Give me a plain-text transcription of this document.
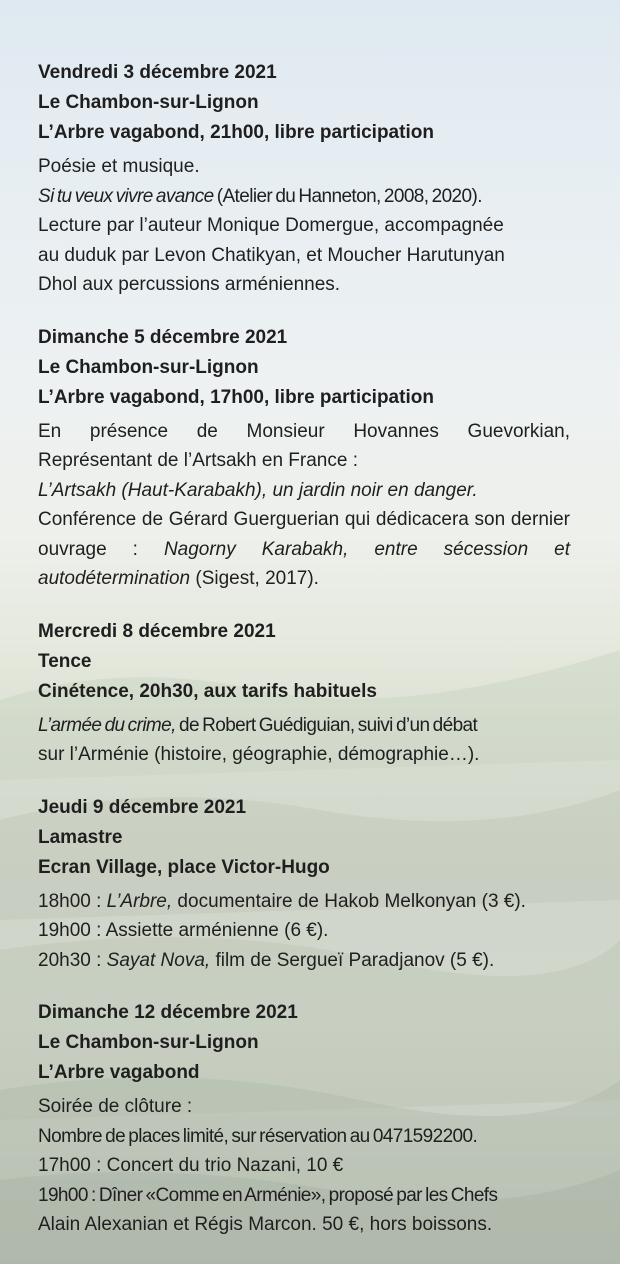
Vendredi 3 décembre 2021
Le Chambon-sur-Lignon
L’Arbre vagabond, 21h00, libre participation

Poésie et musique.

Si tu veux vivre avance (Atelier du Hanneton, 2008, 2020).

Lecture par l’auteur Monique Domergue, accompagnée

au duduk par Levon Chatikyan, et Moucher Harutunyan

Dhol aux percussions arméniennes.

Dimanche 5 décembre 2021
Le Chambon-sur-Lignon
L’Arbre vagabond, 17h00, libre participation

En présence de Monsieur Hovannes Guevorkian, Représentant de l’Artsakh en France :

L’Artsakh (Haut-Karabakh), un jardin noir en danger.

Conférence de Gérard Guerguerian qui dédicacera son dernier ouvrage : Nagorny Karabakh, entre sécession et autodétermination (Sigest, 2017).

Mercredi 8 décembre 2021
Tence
Cinétence, 20h30, aux tarifs habituels

L’armée du crime, de Robert Guédiguian, suivi d’un débat

sur l’Arménie (histoire, géographie, démographie…).

Jeudi 9 décembre 2021
Lamastre
Ecran Village, place Victor-Hugo

18h00 : L’Arbre, documentaire de Hakob Melkonyan (3 €).

19h00 : Assiette arménienne (6 €).

20h30 : Sayat Nova, film de Sergueï Paradjanov (5 €).

Dimanche 12 décembre 2021
Le Chambon-sur-Lignon
L’Arbre vagabond

Soirée de clôture :

Nombre de places limité, sur réservation au 0471592200.

17h00 : Concert du trio Nazani, 10 €

19h00 : Dîner «Comme en Arménie», proposé par les Chefs

Alain Alexanian et Régis Marcon. 50 €, hors boissons.
